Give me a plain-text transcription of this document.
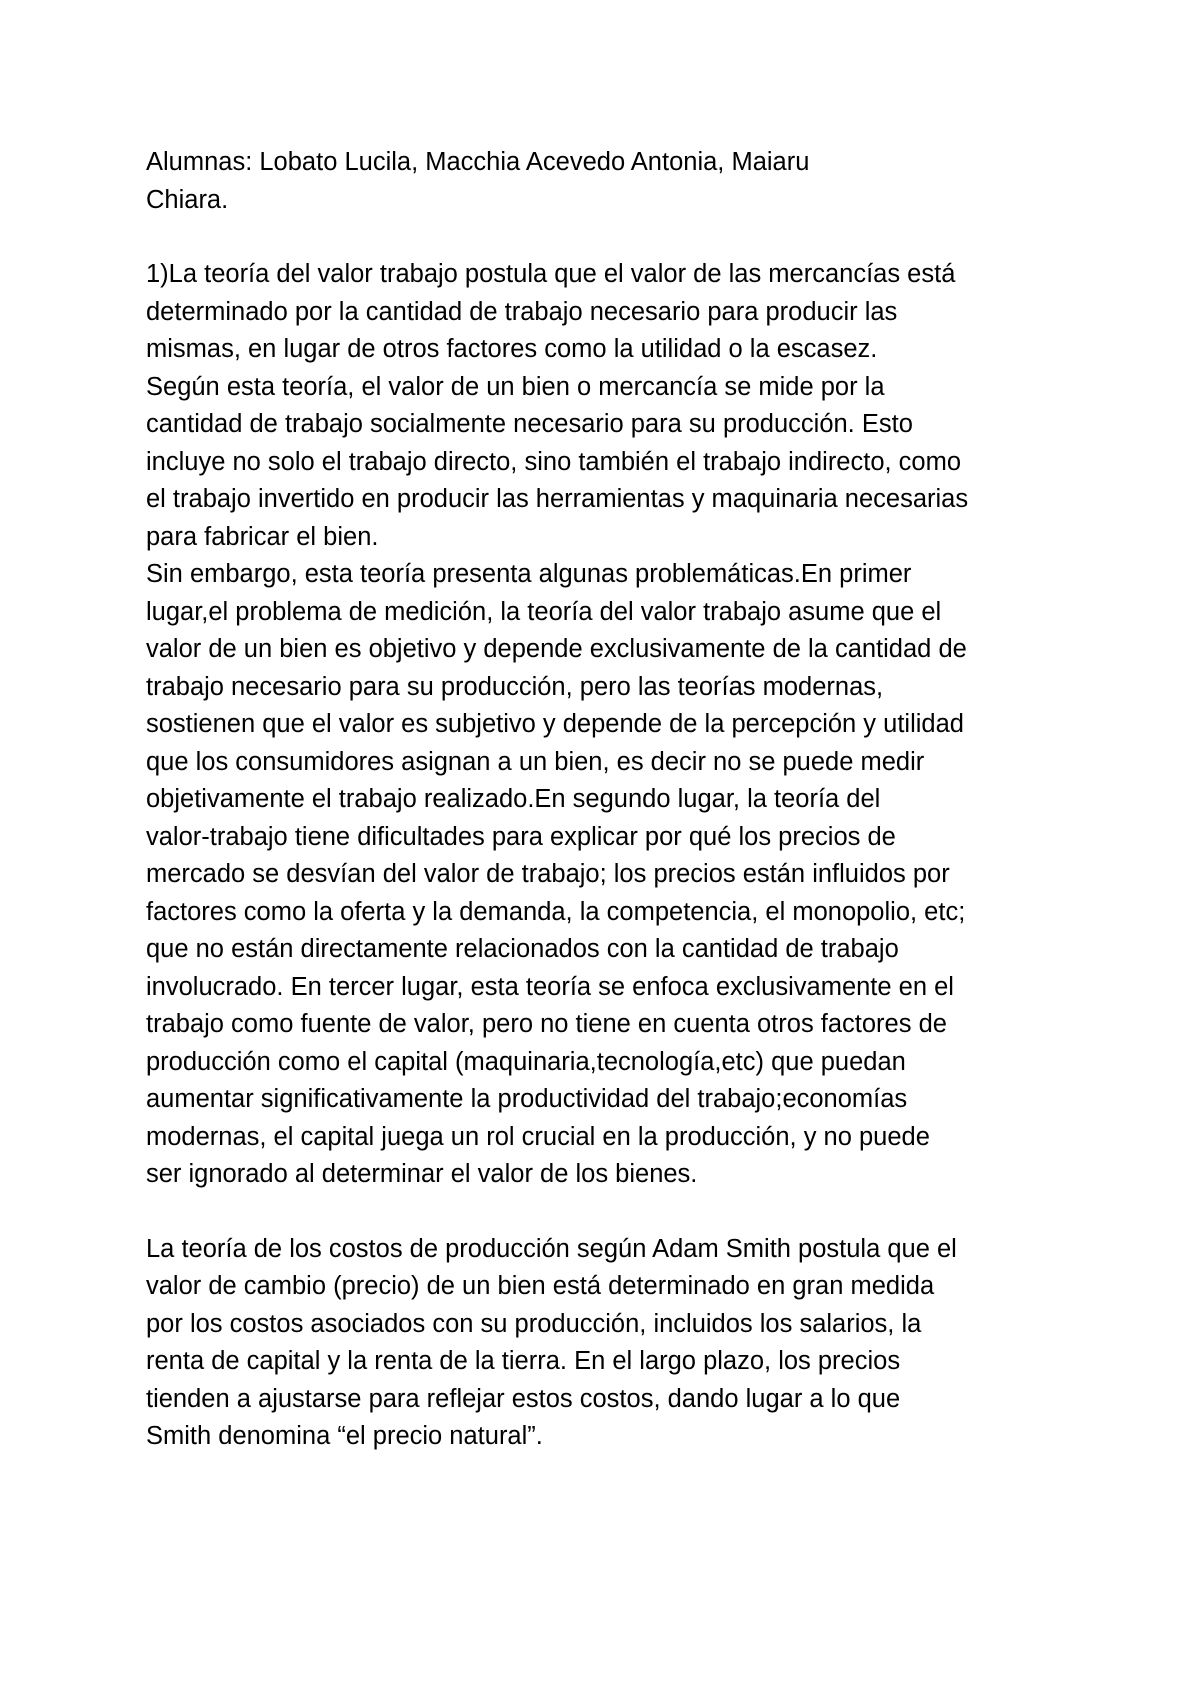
Alumnas: Lobato Lucila, Macchia Acevedo Antonia, Maiaru
Chiara.

1)La teoría del valor trabajo postula que el valor de las mercancías está
determinado por la cantidad de trabajo necesario para producir las
mismas, en lugar de otros factores como la utilidad o la escasez.
Según esta teoría, el valor de un bien o mercancía se mide por la
cantidad de trabajo socialmente necesario para su producción. Esto
incluye no solo el trabajo directo, sino también el trabajo indirecto, como
el trabajo invertido en producir las herramientas y maquinaria necesarias
para fabricar el bien.
Sin embargo, esta teoría presenta algunas problemáticas.En primer
lugar,el problema de medición, la teoría del valor trabajo asume que el
valor de un bien es objetivo y depende exclusivamente de la cantidad de
trabajo necesario para su producción, pero las teorías modernas,
sostienen que el valor es subjetivo y depende de la percepción y utilidad
que los consumidores asignan a un bien, es decir no se puede medir
objetivamente el trabajo realizado.En segundo lugar, la teoría del
valor-trabajo tiene dificultades para explicar por qué los precios de
mercado se desvían del valor de trabajo; los precios están influidos por
factores como la oferta y la demanda, la competencia, el monopolio, etc;
que no están directamente relacionados con la cantidad de trabajo
involucrado. En tercer lugar, esta teoría se enfoca exclusivamente en el
trabajo como fuente de valor, pero no tiene en cuenta otros factores de
producción como el capital (maquinaria,tecnología,etc) que puedan
aumentar significativamente la productividad del trabajo;economías
modernas, el capital juega un rol crucial en la producción, y no puede
ser ignorado al determinar el valor de los bienes.

La teoría de los costos de producción según Adam Smith postula que el
valor de cambio (precio) de un bien está determinado en gran medida
por los costos asociados con su producción, incluidos los salarios, la
renta de capital y la renta de la tierra. En el largo plazo, los precios
tienden a ajustarse para reflejar estos costos, dando lugar a lo que
Smith denomina “el precio natural”.
